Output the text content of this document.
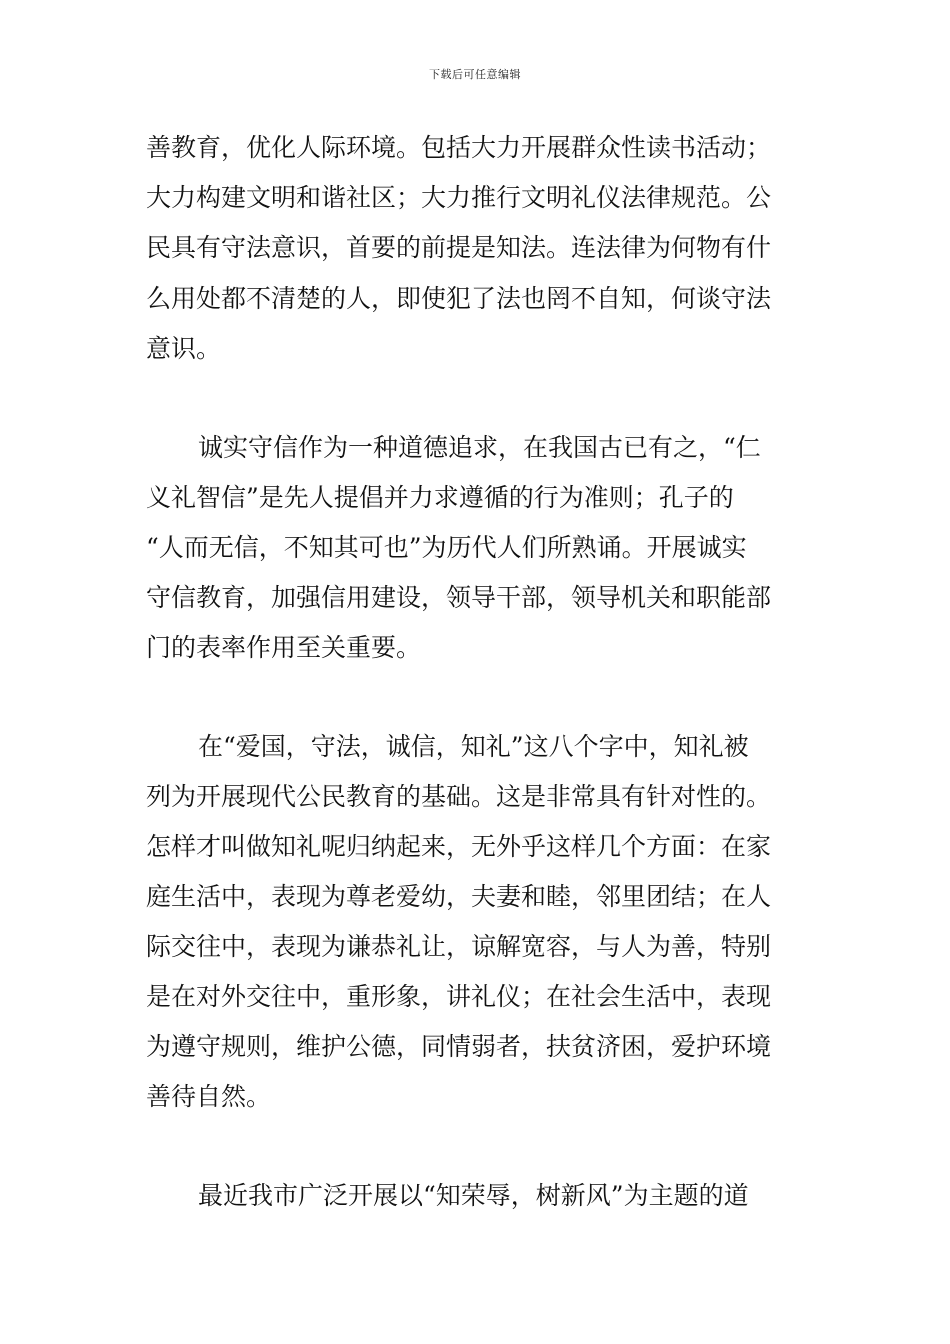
下载后可任意编辑
善教育，优化人际环境。包括大力开展群众性读书活动；
大力构建文明和谐社区；大力推行文明礼仪法律规范。公
民具有守法意识，首要的前提是知法。连法律为何物有什
么用处都不清楚的人，即使犯了法也罔不自知，何谈守法
意识。
诚实守信作为一种道德追求，在我国古已有之，“仁
义礼智信”是先人提倡并力求遵循的行为准则；孔子的
“人而无信，不知其可也”为历代人们所熟诵。开展诚实
守信教育，加强信用建设，领导干部，领导机关和职能部
门的表率作用至关重要。
在“爱国，守法，诚信，知礼”这八个字中，知礼被
列为开展现代公民教育的基础。这是非常具有针对性的。
怎样才叫做知礼呢归纳起来，无外乎这样几个方面：在家
庭生活中，表现为尊老爱幼，夫妻和睦，邻里团结；在人
际交往中，表现为谦恭礼让，谅解宽容，与人为善，特别
是在对外交往中，重形象，讲礼仪；在社会生活中，表现
为遵守规则，维护公德，同情弱者，扶贫济困，爱护环境
善待自然。
最近我市广泛开展以“知荣辱，树新风”为主题的道
